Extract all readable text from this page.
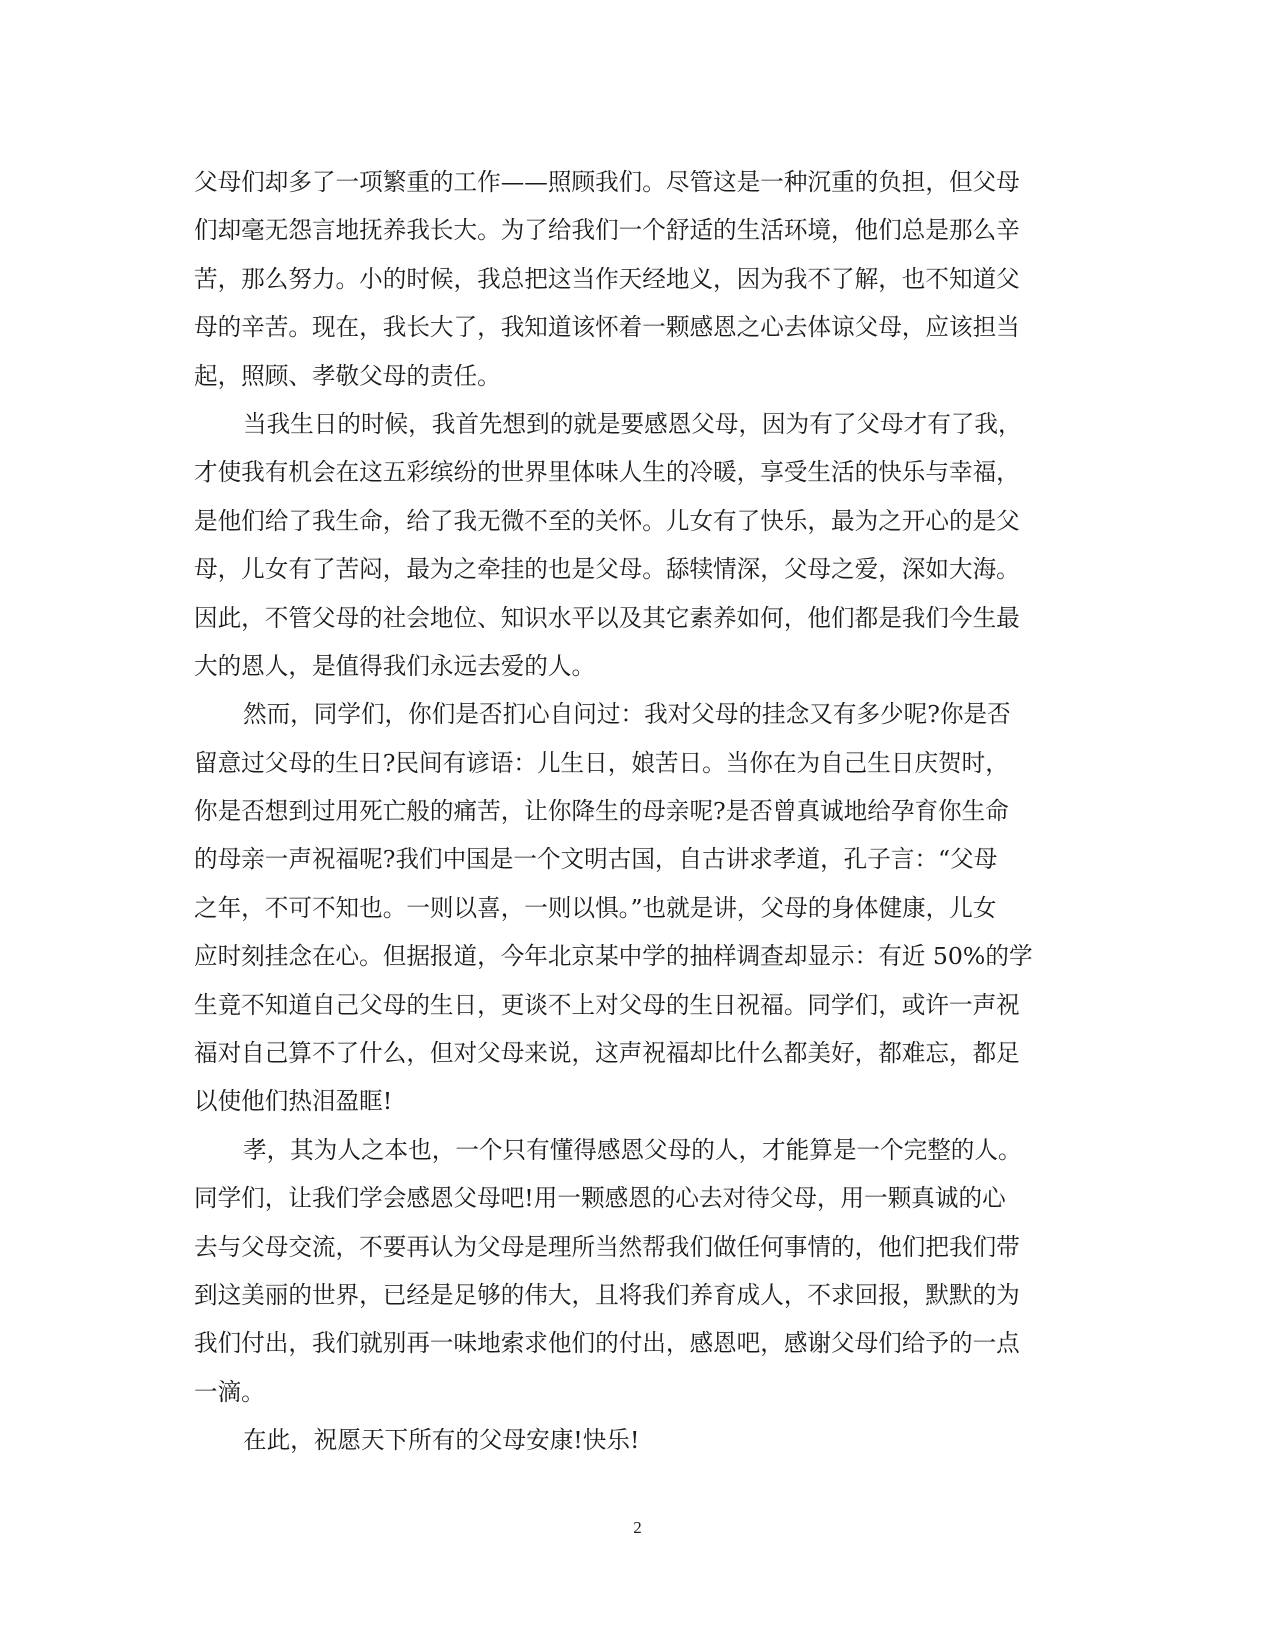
父母们却多了一项繁重的工作——照顾我们。尽管这是一种沉重的负担，但父母
们却毫无怨言地抚养我长大。为了给我们一个舒适的生活环境，他们总是那么辛
苦，那么努力。小的时候，我总把这当作天经地义，因为我不了解，也不知道父
母的辛苦。现在，我长大了，我知道该怀着一颗感恩之心去体谅父母，应该担当
起，照顾、孝敬父母的责任。
当我生日的时候，我首先想到的就是要感恩父母，因为有了父母才有了我，
才使我有机会在这五彩缤纷的世界里体味人生的冷暖，享受生活的快乐与幸福，
是他们给了我生命，给了我无微不至的关怀。儿女有了快乐，最为之开心的是父
母，儿女有了苦闷，最为之牵挂的也是父母。舔犊情深，父母之爱，深如大海。
因此，不管父母的社会地位、知识水平以及其它素养如何，他们都是我们今生最
大的恩人，是值得我们永远去爱的人。
然而，同学们，你们是否扪心自问过：我对父母的挂念又有多少呢?你是否
留意过父母的生日?民间有谚语：儿生日，娘苦日。当你在为自己生日庆贺时，
你是否想到过用死亡般的痛苦，让你降生的母亲呢?是否曾真诚地给孕育你生命
的母亲一声祝福呢?我们中国是一个文明古国，自古讲求孝道，孔子言：“父母
之年，不可不知也。一则以喜，一则以惧。”也就是讲，父母的身体健康，儿女
应时刻挂念在心。但据报道，今年北京某中学的抽样调查却显示：有近 50%的学
生竟不知道自己父母的生日，更谈不上对父母的生日祝福。同学们，或许一声祝
福对自己算不了什么，但对父母来说，这声祝福却比什么都美好，都难忘，都足
以使他们热泪盈眶!
孝，其为人之本也，一个只有懂得感恩父母的人，才能算是一个完整的人。
同学们，让我们学会感恩父母吧!用一颗感恩的心去对待父母，用一颗真诚的心
去与父母交流，不要再认为父母是理所当然帮我们做任何事情的，他们把我们带
到这美丽的世界，已经是足够的伟大，且将我们养育成人，不求回报，默默的为
我们付出，我们就别再一味地索求他们的付出，感恩吧，感谢父母们给予的一点
一滴。
在此，祝愿天下所有的父母安康!快乐!
2
